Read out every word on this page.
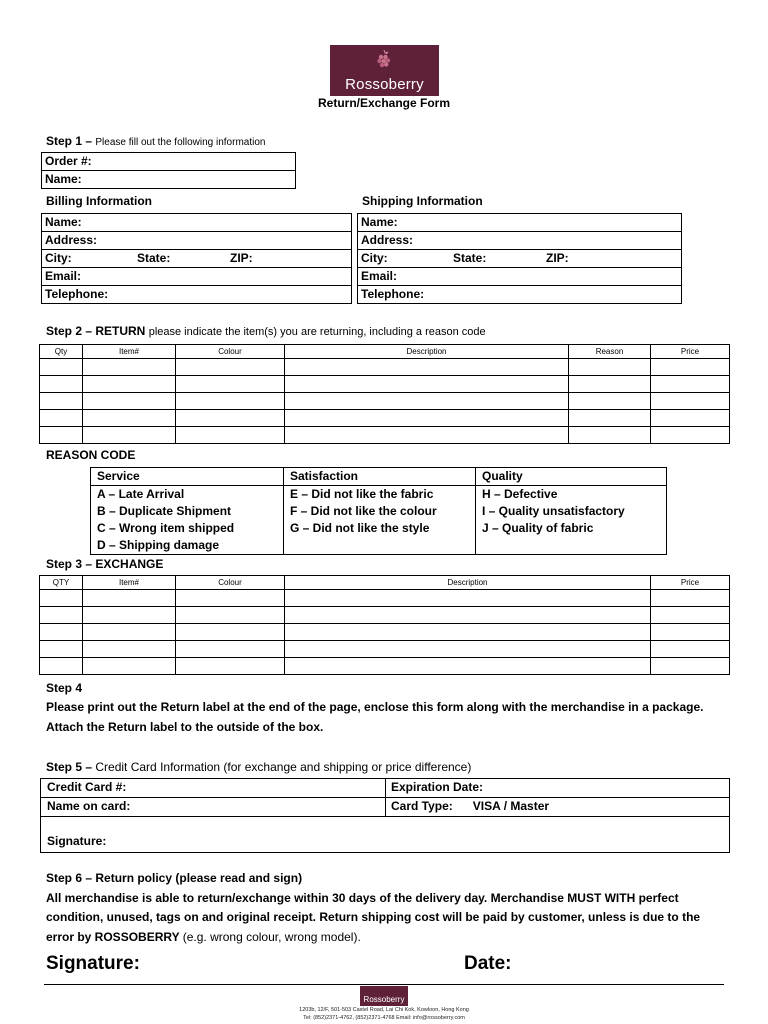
Rossoberry
Return/Exchange Form
Step 1 – Please fill out the following information
Order #:
Name:
Billing Information	Shipping Information
Name:
Address:
City:	State:	ZIP:
Email:
Telephone:
Name:
Address:
City:	State:	ZIP:
Email:
Telephone:
Step 2 – RETURN please indicate the item(s) you are returning, including a reason code
Qty	Item#	Colour	Description	Reason	Price

REASON CODE
Service	Satisfaction	Quality
A – Late Arrival	E – Did not like the fabric	H – Defective
B – Duplicate Shipment	F – Did not like the colour	I – Quality unsatisfactory
C – Wrong item shipped	G – Did not like the style	J – Quality of fabric
D – Shipping damage		
Step 3 – EXCHANGE
QTY	Item#	Colour	Description	Price

Step 4
Please print out the Return label at the end of the page, enclose this form along with the merchandise in a package.
Attach the Return label to the outside of the box.
Step 5 – Credit Card Information (for exchange and shipping or price difference)
Credit Card #:	Expiration Date:
Name on card:	Card Type: VISA / Master
Signature:
Step 6 – Return policy (please read and sign)
All merchandise is able to return/exchange within 30 days of the delivery day. Merchandise MUST WITH perfect
condition, unused, tags on and original receipt. Return shipping cost will be paid by customer, unless is due to the
error by ROSSOBERRY (e.g. wrong colour, wrong model).
Signature:	Date:
Rossoberry
1203b, 12/F, 501-503 Castel Road, Lai Chi Kok, Kowloon, Hong Kong
Tel: (852)2371-4762, (852)2371-4768 Email: info@rossoberry.com
